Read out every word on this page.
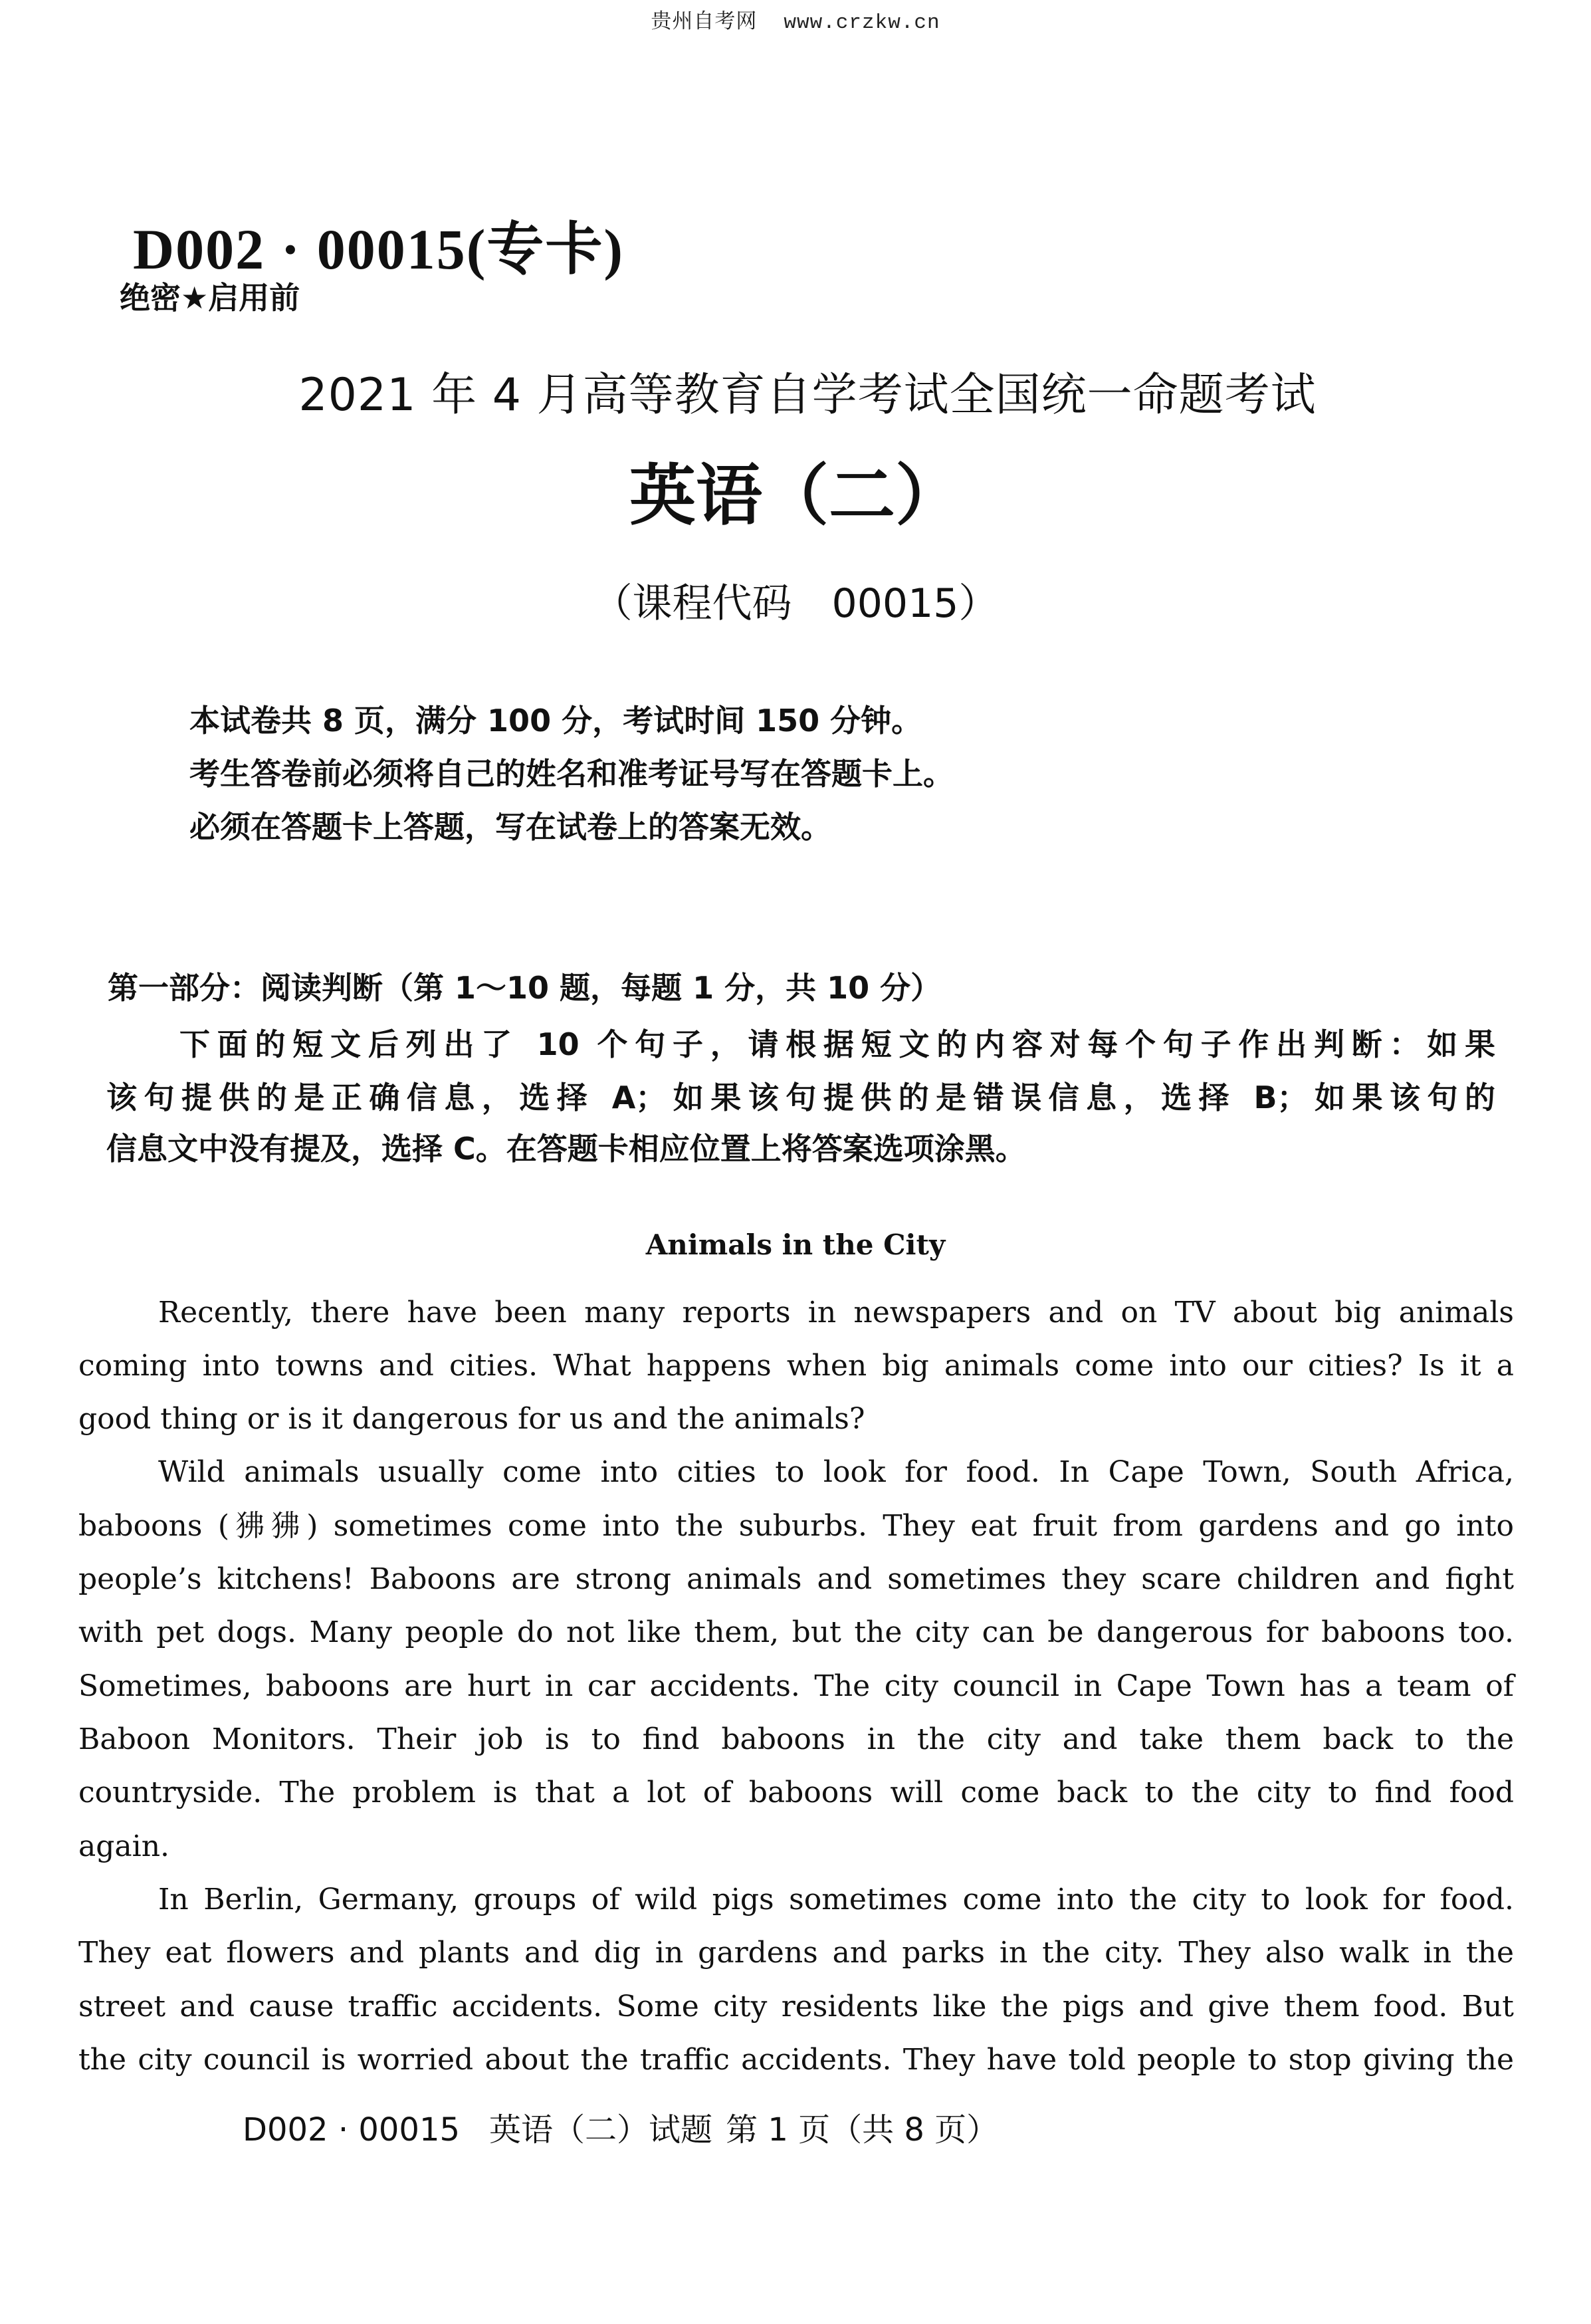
贵州自考网 www.crzkw.cn
D002 · 00015(专卡)
绝密★启用前
2021 年 4 月高等教育自学考试全国统一命题考试
英语（二）
（课程代码　00015）
本试卷共 8 页，满分 100 分，考试时间 150 分钟。
考生答卷前必须将自己的姓名和准考证号写在答题卡上。
必须在答题卡上答题，写在试卷上的答案无效。
第一部分：阅读判断（第 1～10 题，每题 1 分，共 10 分）
下面的短文后列出了 10 个句子，请根据短文的内容对每个句子作出判断：如果
该句提供的是正确信息，选择 A；如果该句提供的是错误信息，选择 B；如果该句的
信息文中没有提及，选择 C。在答题卡相应位置上将答案选项涂黑。
Animals in the City
Recently, there have been many reports in newspapers and on TV about big animals
coming into towns and cities. What happens when big animals come into our cities? Is it a
good thing or is it dangerous for us and the animals?
Wild animals usually come into cities to look for food. In Cape Town, South Africa,
baboons (狒狒) sometimes come into the suburbs. They eat fruit from gardens and go into
people’s kitchens! Baboons are strong animals and sometimes they scare children and fight
with pet dogs. Many people do not like them, but the city can be dangerous for baboons too.
Sometimes, baboons are hurt in car accidents. The city council in Cape Town has a team of
Baboon Monitors. Their job is to find baboons in the city and take them back to the
countryside. The problem is that a lot of baboons will come back to the city to find food
again.
In Berlin, Germany, groups of wild pigs sometimes come into the city to look for food.
They eat flowers and plants and dig in gardens and parks in the city. They also walk in the
street and cause traffic accidents. Some city residents like the pigs and give them food. But
the city council is worried about the traffic accidents. They have told people to stop giving the
D002 · 00015 英语（二）试题 第 1 页（共 8 页）
